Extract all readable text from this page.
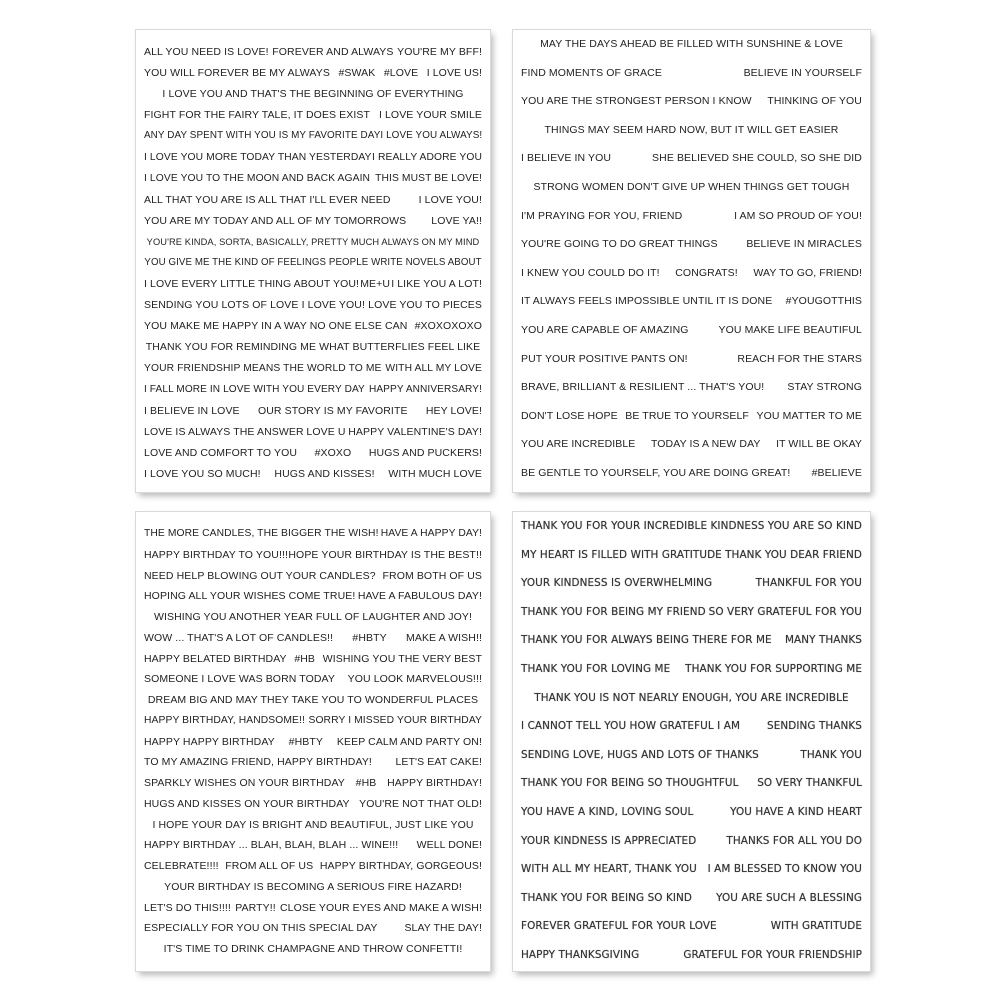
ALL YOU NEED IS LOVE! FOREVER AND ALWAYS YOU'RE MY BFF!
YOU WILL FOREVER BE MY ALWAYS #SWAK #LOVE I LOVE US!
I LOVE YOU AND THAT'S THE BEGINNING OF EVERYTHING
FIGHT FOR THE FAIRY TALE, IT DOES EXIST I LOVE YOUR SMILE
ANY DAY SPENT WITH YOU IS MY FAVORITE DAY I LOVE YOU ALWAYS!
I LOVE YOU MORE TODAY THAN YESTERDAY I REALLY ADORE YOU
I LOVE YOU TO THE MOON AND BACK AGAIN THIS MUST BE LOVE!
ALL THAT YOU ARE IS ALL THAT I'LL EVER NEED	I LOVE YOU!
YOU ARE MY TODAY AND ALL OF MY TOMORROWS LOVE YA!!
YOU'RE KINDA, SORTA, BASICALLY, PRETTY MUCH ALWAYS ON MY MIND
YOU GIVE ME THE KIND OF FEELINGS PEOPLE WRITE NOVELS ABOUT
I LOVE EVERY LITTLE THING ABOUT YOU! ME+U I LIKE YOU A LOT!
SENDING YOU LOTS OF LOVE I LOVE YOU! LOVE YOU TO PIECES
YOU MAKE ME HAPPY IN A WAY NO ONE ELSE CAN #XOXOXOXO
THANK YOU FOR REMINDING ME WHAT BUTTERFLIES FEEL LIKE
YOUR FRIENDSHIP MEANS THE WORLD TO ME WITH ALL MY LOVE
I FALL MORE IN LOVE WITH YOU EVERY DAY HAPPY ANNIVERSARY!
I BELIEVE IN LOVE OUR STORY IS MY FAVORITE HEY LOVE!
LOVE IS ALWAYS THE ANSWER LOVE U HAPPY VALENTINE'S DAY!
LOVE AND COMFORT TO YOU #XOXO HUGS AND PUCKERS!
I LOVE YOU SO MUCH! HUGS AND KISSES! WITH MUCH LOVE
MAY THE DAYS AHEAD BE FILLED WITH SUNSHINE & LOVE
FIND MOMENTS OF GRACE	BELIEVE IN YOURSELF
YOU ARE THE STRONGEST PERSON I KNOW THINKING OF YOU
THINGS MAY SEEM HARD NOW, BUT IT WILL GET EASIER
I BELIEVE IN YOU	SHE BELIEVED SHE COULD, SO SHE DID
STRONG WOMEN DON'T GIVE UP WHEN THINGS GET TOUGH
I'M PRAYING FOR YOU, FRIEND	I AM SO PROUD OF YOU!
YOU'RE GOING TO DO GREAT THINGS	BELIEVE IN MIRACLES
I KNEW YOU COULD DO IT! CONGRATS! WAY TO GO, FRIEND!
IT ALWAYS FEELS IMPOSSIBLE UNTIL IT IS DONE #YOUGOTTHIS
YOU ARE CAPABLE OF AMAZING	YOU MAKE LIFE BEAUTIFUL
PUT YOUR POSITIVE PANTS ON!	REACH FOR THE STARS
BRAVE, BRILLIANT & RESILIENT ... THAT'S YOU! STAY STRONG
DON'T LOSE HOPE BE TRUE TO YOURSELF YOU MATTER TO ME
YOU ARE INCREDIBLE TODAY IS A NEW DAY IT WILL BE OKAY
BE GENTLE TO YOURSELF, YOU ARE DOING GREAT! #BELIEVE
THE MORE CANDLES, THE BIGGER THE WISH! HAVE A HAPPY DAY!
HAPPY BIRTHDAY TO YOU!!! HOPE YOUR BIRTHDAY IS THE BEST!!
NEED HELP BLOWING OUT YOUR CANDLES? FROM BOTH OF US
HOPING ALL YOUR WISHES COME TRUE! HAVE A FABULOUS DAY!
WISHING YOU ANOTHER YEAR FULL OF LAUGHTER AND JOY!
WOW ... THAT'S A LOT OF CANDLES!! #HBTY MAKE A WISH!!
HAPPY BELATED BIRTHDAY #HB WISHING YOU THE VERY BEST
SOMEONE I LOVE WAS BORN TODAY YOU LOOK MARVELOUS!!!
DREAM BIG AND MAY THEY TAKE YOU TO WONDERFUL PLACES
HAPPY BIRTHDAY, HANDSOME!! SORRY I MISSED YOUR BIRTHDAY
HAPPY HAPPY BIRTHDAY #HBTY KEEP CALM AND PARTY ON!
TO MY AMAZING FRIEND, HAPPY BIRTHDAY! LET'S EAT CAKE!
SPARKLY WISHES ON YOUR BIRTHDAY #HB HAPPY BIRTHDAY!
HUGS AND KISSES ON YOUR BIRTHDAY YOU'RE NOT THAT OLD!
I HOPE YOUR DAY IS BRIGHT AND BEAUTIFUL, JUST LIKE YOU
HAPPY BIRTHDAY ... BLAH, BLAH, BLAH ... WINE!!! WELL DONE!
CELEBRATE!!!! FROM ALL OF US HAPPY BIRTHDAY, GORGEOUS!
YOUR BIRTHDAY IS BECOMING A SERIOUS FIRE HAZARD!
LET'S DO THIS!!!! PARTY!! CLOSE YOUR EYES AND MAKE A WISH!
ESPECIALLY FOR YOU ON THIS SPECIAL DAY	SLAY THE DAY!
IT'S TIME TO DRINK CHAMPAGNE AND THROW CONFETTI!
THANK YOU FOR YOUR INCREDIBLE KINDNESS YOU ARE SO KIND
MY HEART IS FILLED WITH GRATITUDE THANK YOU DEAR FRIEND
YOUR KINDNESS IS OVERWHELMING	THANKFUL FOR YOU
THANK YOU FOR BEING MY FRIEND SO VERY GRATEFUL FOR YOU
THANK YOU FOR ALWAYS BEING THERE FOR ME MANY THANKS
THANK YOU FOR LOVING ME THANK YOU FOR SUPPORTING ME
THANK YOU IS NOT NEARLY ENOUGH, YOU ARE INCREDIBLE
I CANNOT TELL YOU HOW GRATEFUL I AM	SENDING THANKS
SENDING LOVE, HUGS AND LOTS OF THANKS	THANK YOU
THANK YOU FOR BEING SO THOUGHTFUL SO VERY THANKFUL
YOU HAVE A KIND, LOVING SOUL	YOU HAVE A KIND HEART
YOUR KINDNESS IS APPRECIATED	THANKS FOR ALL YOU DO
WITH ALL MY HEART, THANK YOU I AM BLESSED TO KNOW YOU
THANK YOU FOR BEING SO KIND YOU ARE SUCH A BLESSING
FOREVER GRATEFUL FOR YOUR LOVE	WITH GRATITUDE
HAPPY THANKSGIVING	GRATEFUL FOR YOUR FRIENDSHIP
